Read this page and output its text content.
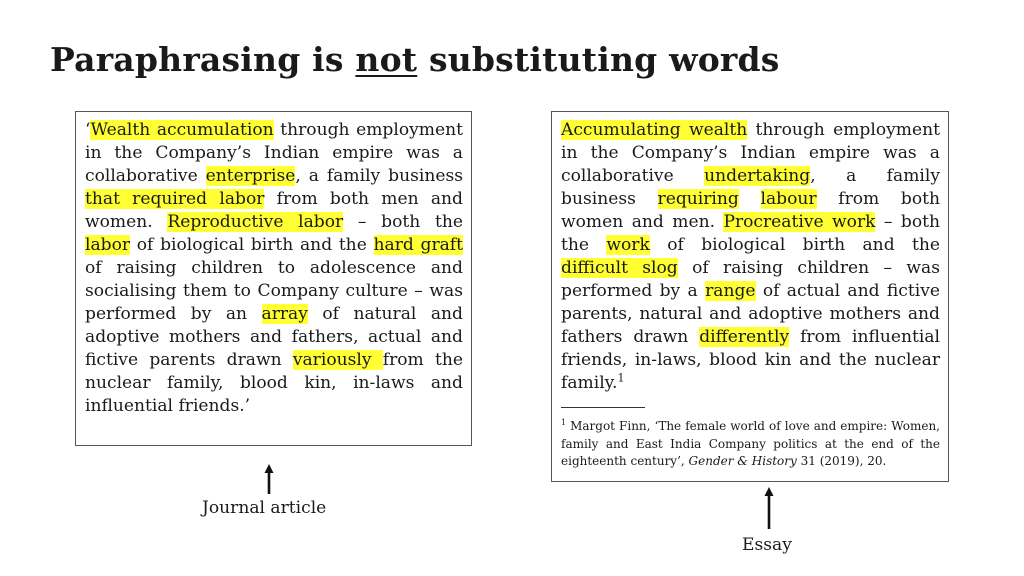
Paraphrasing is not substituting words

‘Wealth accumulation through employment in the Company’s Indian empire was a collaborative enterprise, a family business that required labor from both men and women. Reproductive labor – both the labor of biological birth and the hard graft of raising children to adolescence and socialising them to Company culture – was performed by an array of natural and adoptive mothers and fathers, actual and fictive parents drawn variously from the nuclear family, blood kin, in-laws and influential friends.’

Accumulating wealth through employment in the Company’s Indian empire was a collaborative undertaking, a family business requiring labour from both women and men. Procreative work – both the work of biological birth and the difficult slog of raising children – was performed by a range of actual and fictive parents, natural and adoptive mothers and fathers drawn differently from influential friends, in-laws, blood kin and the nuclear family.$^1$

$^1$ Margot Finn, ‘The female world of love and empire: Women, family and East India Company politics at the end of the eighteenth century’, Gender & History 31 (2019), 20.

Journal article
Essay
